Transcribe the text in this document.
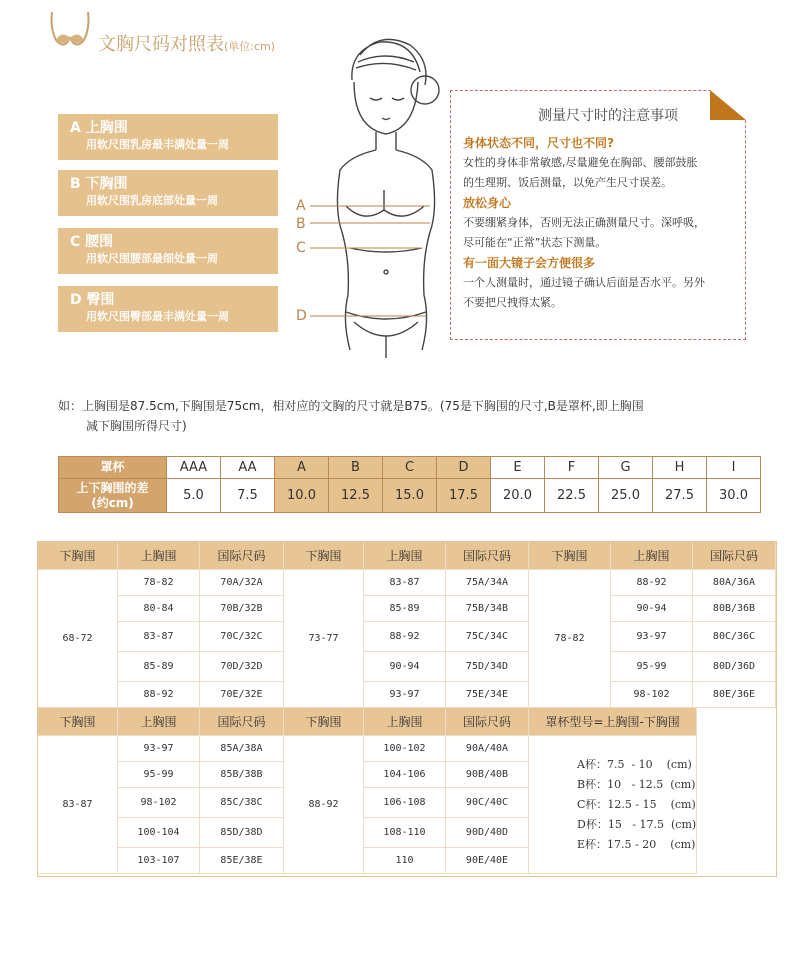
文胸尺码对照表(单位:cm)
A 上胸围
用软尺围乳房最丰满处量一周
B 下胸围
用软尺围乳房底部处量一周
C 腰围
用软尺围腰部最细处量一周
D 臀围
用软尺围臀部最丰满处量一周
A
B
C
D
测量尺寸时的注意事项
身体状态不同，尺寸也不同?
女性的身体非常敏感,尽量避免在胸部、腰部鼓胀
的生理期、饭后测量，以免产生尺寸误差。
放松身心
不要绷紧身体，否则无法正确测量尺寸。深呼吸，
尽可能在“正常”状态下测量。
有一面大镜子会方便很多
一个人测量时，通过镜子确认后面是否水平。另外
不要把尺拽得太紧。
如：上胸围是87.5cm,下胸围是75cm，相对应的文胸的尺寸就是B75。(75是下胸围的尺寸,B是罩杯,即上胸围
减下胸围所得尺寸)
罩杯	AAA	AA	A	B	C	D	E	F	G	H	I

上下胸围的差
(约cm)	5.0	7.5	10.0	12.5	15.0	17.5	20.0	22.5	25.0	27.5	30.0
下胸围	上胸围	国际尺码	下胸围	上胸围	国际尺码	下胸围	上胸围	国际尺码
68-72	78-82	70A/32A	73-77	83-87	75A/34A	78-82	88-92	80A/36A
	80-84	70B/32B		85-89	75B/34B		90-94	80B/36B
	83-87	70C/32C		88-92	75C/34C		93-97	80C/36C
	85-89	70D/32D		90-94	75D/34D		95-99	80D/36D
	88-92	70E/32E		93-97	75E/34E		98-102	80E/36E
下胸围	上胸围	国际尺码	下胸围	上胸围	国际尺码	罩杯型号=上胸围-下胸围
83-87	93-97	85A/38A	88-92	100-102	90A/40A	A杯：7.5  - 10    (cm)
B杯：10   - 12.5  (cm)
C杯：12.5 - 15    (cm)
D杯：15   - 17.5  (cm)
E杯：17.5 - 20    (cm)

	95-99	85B/38B		104-106	90B/40B	
	98-102	85C/38C		106-108	90C/40C	
	100-104	85D/38D		108-110	90D/40D	
	103-107	85E/38E		110	90E/40E	
